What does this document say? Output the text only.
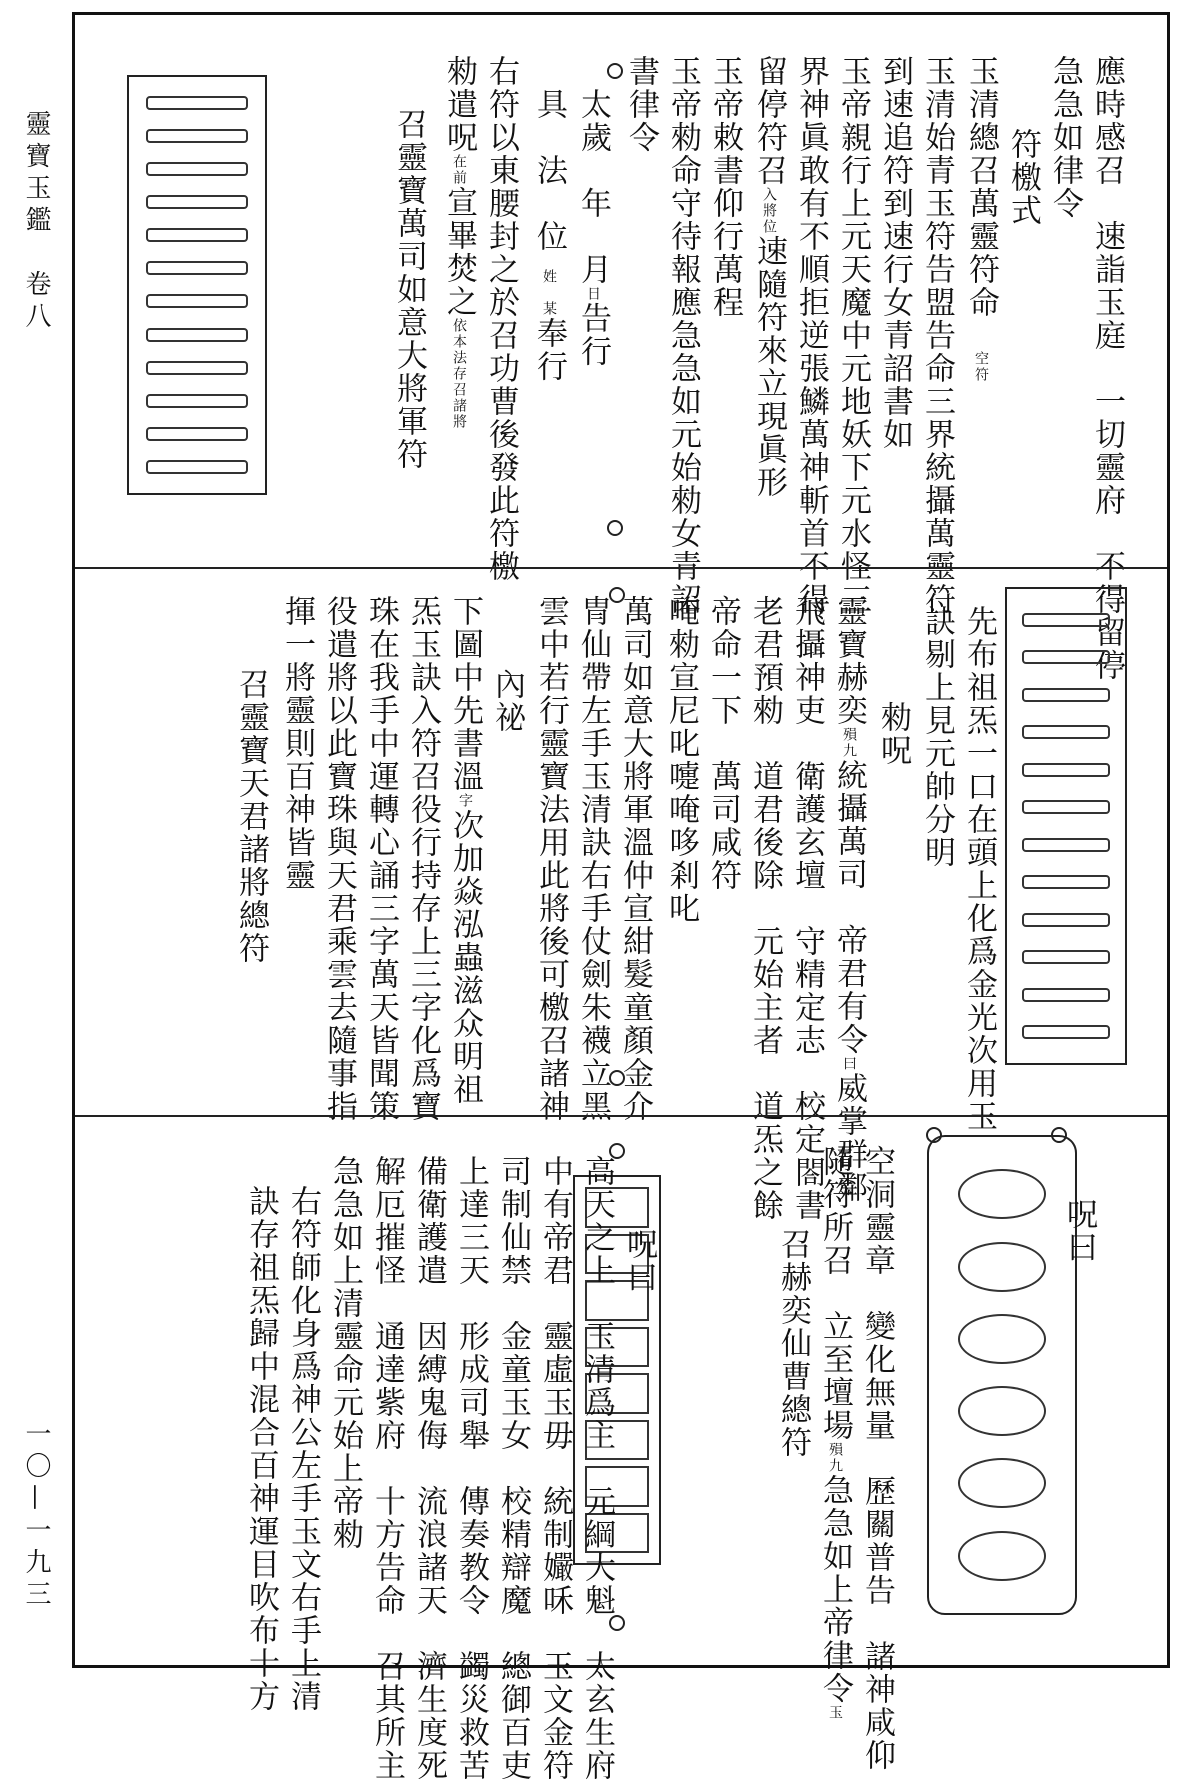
靈寶玉鑑　卷八
一〇—一九三
應時感召　速詣玉庭　一切靈府　不得留停
急急如律令
　符檄式
玉清總召萬靈符命　　空符
玉清始青玉符告盟告命三界統攝萬靈符
到速追符到速行女青詔書如
玉帝親行上元天魔中元地妖下元水怪三
界神眞敢有不順拒逆張鱗萬神斬首不得
留停符召入將位速隨符來立現眞形
玉帝敕書仰行萬程
玉帝勑命守待報應急急如元始勑女青詔
書律令
　太歲　年　月日告行
　具　法　位　姓　某奉行
右符以東腰封之於召功曹後發此符檄
勑遣呪在前宣畢焚之依本法存召諸將
　召靈寶萬司如意大將軍符
先布祖炁一口在頭上化爲金光次用玉
訣剔上見元帥分明
　　勑呪
靈寶赫奕殞九統攝萬司　帝君有令曰威掌群鄰
飛攝神吏　衛護玄壇　守精定志　校定閤書
老君預勑　道君後除　元始主者　道炁之餘
帝命一下　萬司咸符
唵勑宣尼叱嚏唵哆剎叱
萬司如意大將軍溫仲宣紺髮童顏金介
冑仙帶左手玉清訣右手仗劍朱襪立黑
雲中若行靈寶法用此將後可檄召諸神
　內祕
下圖中先書溫字次加焱泓蟲滋众明祖
炁玉訣入符召役行持存上三字化爲寶
珠在我手中運轉心誦三字萬天皆聞策
役遣將以此寶珠與天君乘雲去隨事指
揮一將靈則百神皆靈
　召靈寶天君諸將總符
　呪曰
空洞靈章　變化無量　歷關普告　諸神咸仰
隨符所召　立至壇場殞九急急如上帝律令玉
　召赫奕仙曹總符
　呪曰
高天之上　玉清爲主　元綱大魁　太玄生府
中有帝君　靈虛玉毋　統制孍咊　玉文金符
司制仙禁　金童玉女　校精辯魔　總御百吏
上達三天　形成司舉　傳奏教令　蠲災救苦
備衛護遣　因縛鬼侮　流浪諸天　濟生度死
解厄摧怪　通達紫府　十方告命　召其所主
急急如上清靈命元始上帝勑
右符師化身爲神公左手玉文右手上清
訣存祖炁歸中混合百神運目吹布十方
